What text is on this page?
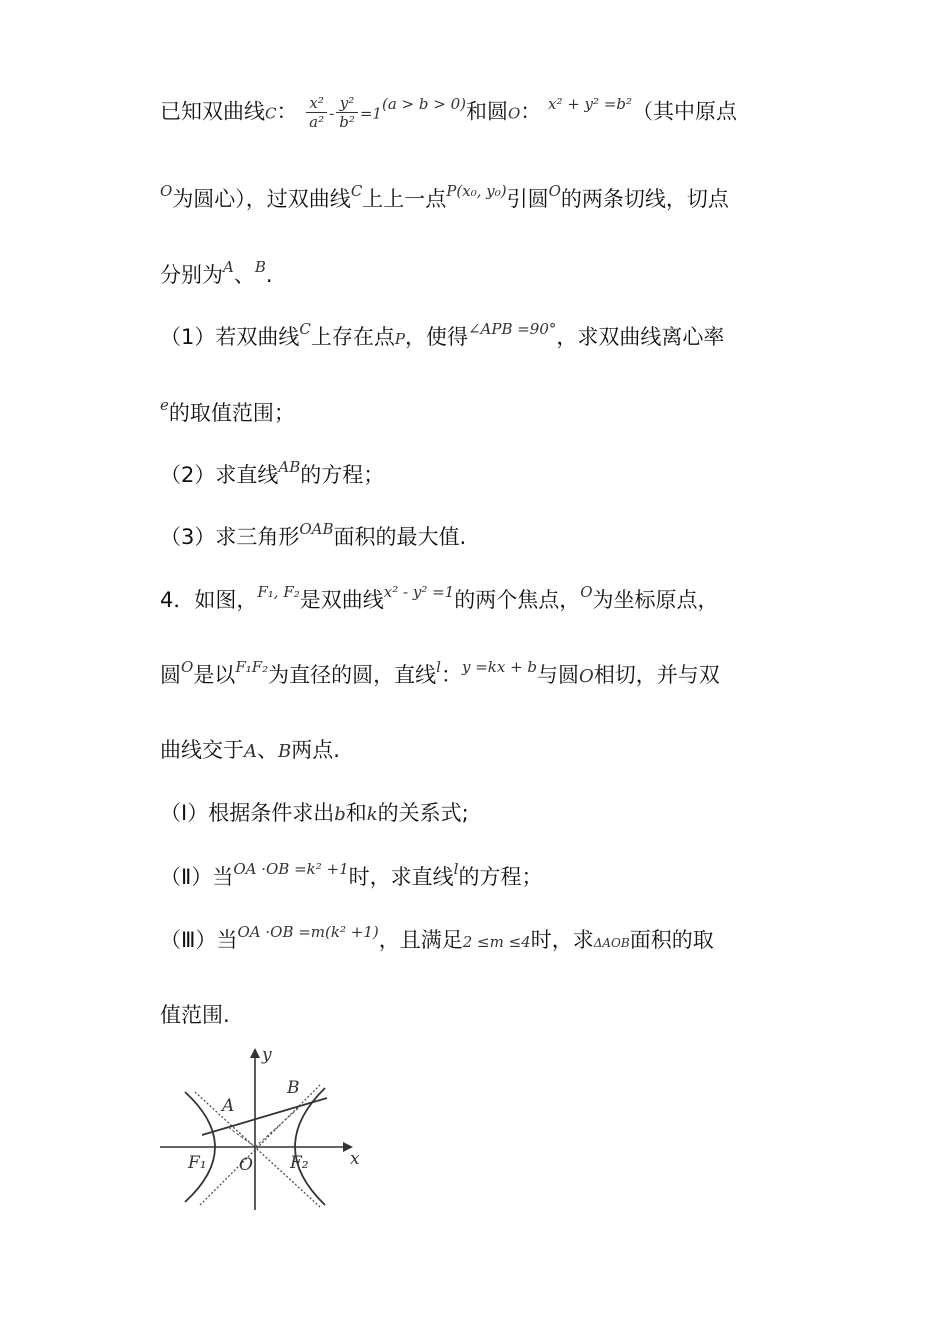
已知双曲线C： $\frac{\text{x²}}{\text{a²}} - \frac{\text{y²}}{\text{b²}} =1^{(a > b > 0)}$和圆O： $^{x^2 + y^2 =b^2}$（其中原点
$^O$为圆心），过双曲线$^C$上上一点$^{P(x_0, y_0)}$引圆$^O$的两条切线，切点
分别为$^A$、$^B$.
（1）若双曲线$^C$上存在点P，使得$^{\angle APB =90^\circ}$，求双曲线离心率
$^e$的取值范围；
（2）求直线$^{AB}$的方程；
（3）求三角形$^{OAB}$面积的最大值.
4．如图，$^{F_1, F_2}$是双曲线$^{x^2 - y^2 =1}$的两个焦点，$^O$为坐标原点，
圆$^O$是以$^{F_1F_2}$为直径的圆，直线$^l$：$^{y =kx + b}$与圆O相切，并与双
曲线交于A、B两点.
（Ⅰ）根据条件求出b和k的关系式;
（Ⅱ）当$^{OA \cdot OB =k^2 +1}$时，求直线$^l$的方程；
（Ⅲ）当$^{OA \cdot OB =m(k^2 +1)}$，且满足2 ≤m ≤4时，求ΔAOB面积的取
值范围.
y
x
A
B
O
F₁	F₂
